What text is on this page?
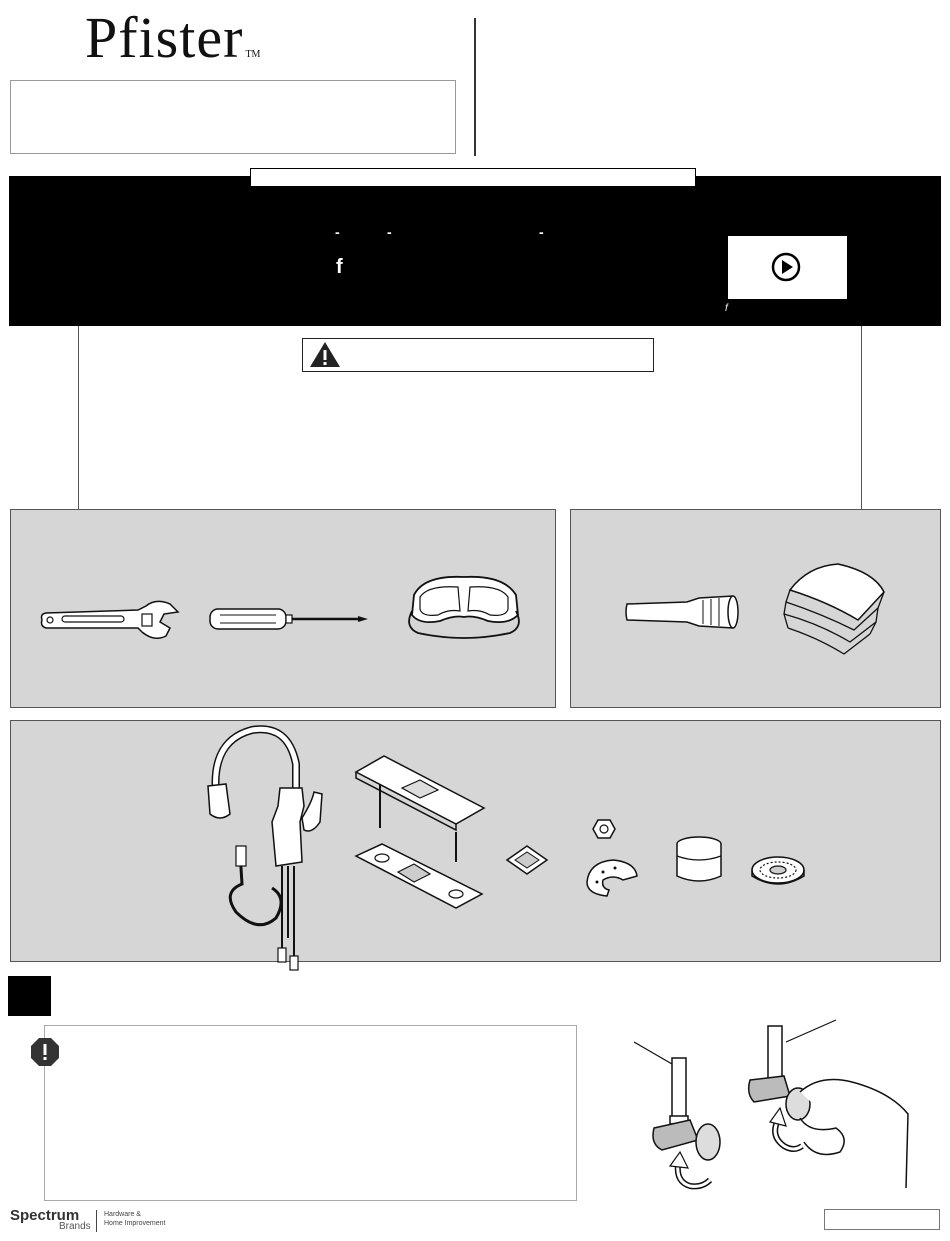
Pfister TM
-	-	-
f
f
Spectrum
Brands
Hardware &
Home Improvement
